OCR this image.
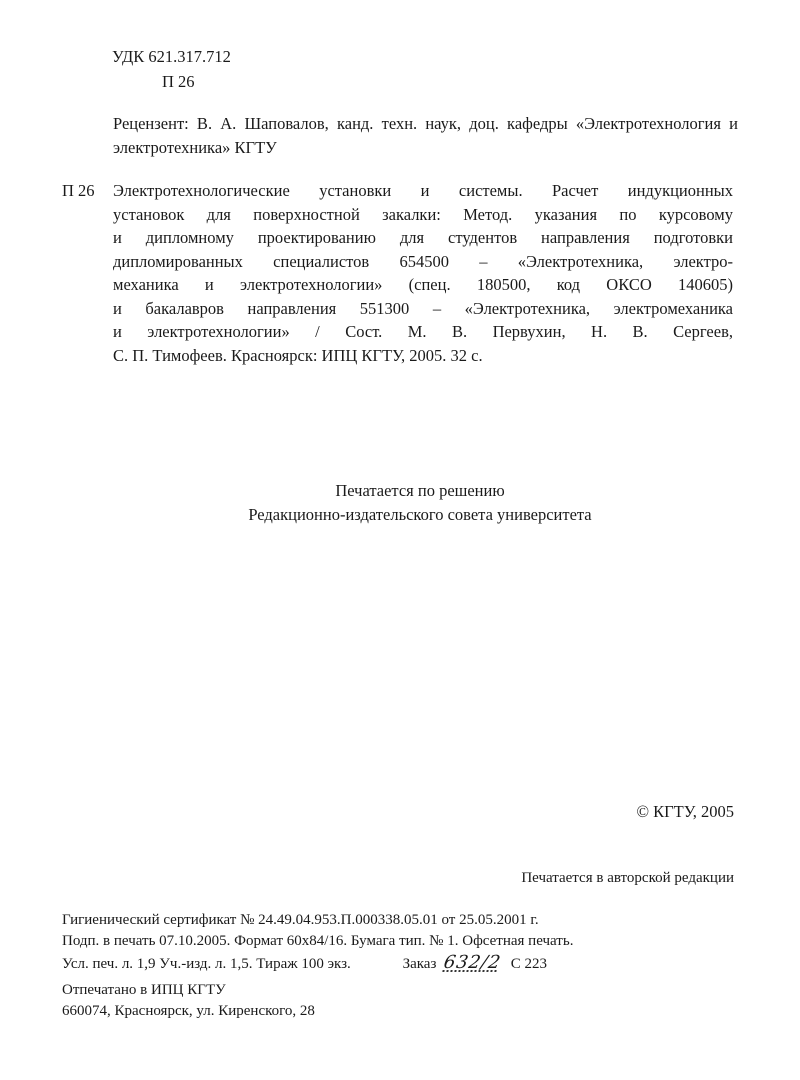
УДК 621.317.712
П 26
Рецензент: В. А. Шаповалов, канд. техн. наук, доц. кафедры «Электротехнология и электротехника» КГТУ
П 26 Электротехнологические установки и системы. Расчет индукционных
установок для поверхностной закалки: Метод. указания по курсовому
и дипломному проектированию для студентов направления подготовки
дипломированных специалистов 654500 – «Электротехника, электро-
механика и электротехнологии» (спец. 180500, код ОКСО 140605)
и бакалавров направления 551300 – «Электротехника, электромеханика
и электротехнологии» / Сост. М. В. Первухин, Н. В. Сергеев,
С. П. Тимофеев. Красноярск: ИПЦ КГТУ, 2005. 32 с.
Печатается по решению
Редакционно-издательского совета университета
© КГТУ, 2005
Печатается в авторской редакции
Гигиенический сертификат № 24.49.04.953.П.000338.05.01 от 25.05.2001 г.
Подп. в печать 07.10.2005. Формат 60x84/16. Бумага тип. № 1. Офсетная печать.
Усл. печ. л. 1,9 Уч.-изд. л. 1,5. Тираж 100 экз.	Заказ 632/2 С 223
Отпечатано в ИПЦ КГТУ
660074, Красноярск, ул. Киренского, 28
